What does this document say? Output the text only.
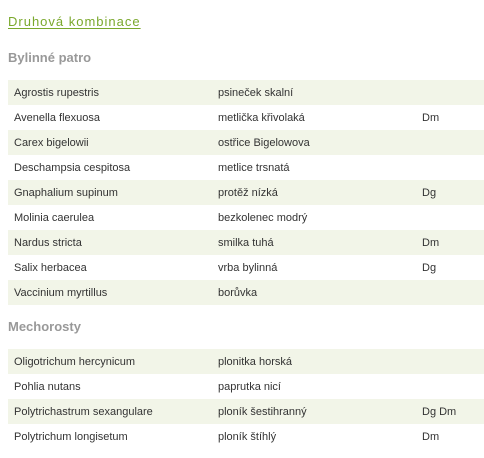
Druhová kombinace
Bylinné patro
Agrostis rupestris	psineček skalní	
Avenella flexuosa	metlička křivolaká	Dm
Carex bigelowii	ostřice Bigelowova	
Deschampsia cespitosa	metlice trsnatá	
Gnaphalium supinum	protěž nízká	Dg
Molinia caerulea	bezkolenec modrý	
Nardus stricta	smilka tuhá	Dm
Salix herbacea	vrba bylinná	Dg
Vaccinium myrtillus	borůvka	
Mechorosty
Oligotrichum hercynicum	plonitka horská	
Pohlia nutans	paprutka nicí	
Polytrichastrum sexangulare	ploník šestihranný	Dg Dm
Polytrichum longisetum	ploník štíhlý	Dm
